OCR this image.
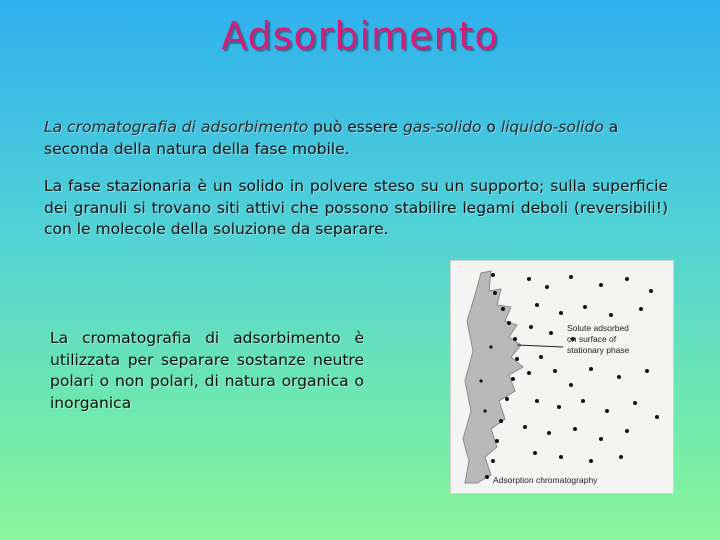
Adsorbimento
La cromatografia di adsorbimento può essere gas-solido o liquido-solido a seconda della natura della fase mobile.
La fase stazionaria è un solido in polvere steso su un supporto; sulla superficie dei granuli si trovano siti attivi che possono stabilire legami deboli (reversibili!) con le molecole della soluzione da separare.
La cromatografia di adsorbimento è utilizzata per separare sostanze neutre polari o non polari, di natura organica o inorganica
Solute adsorbed
on surface of
stationary phase
Adsorption chromatography
